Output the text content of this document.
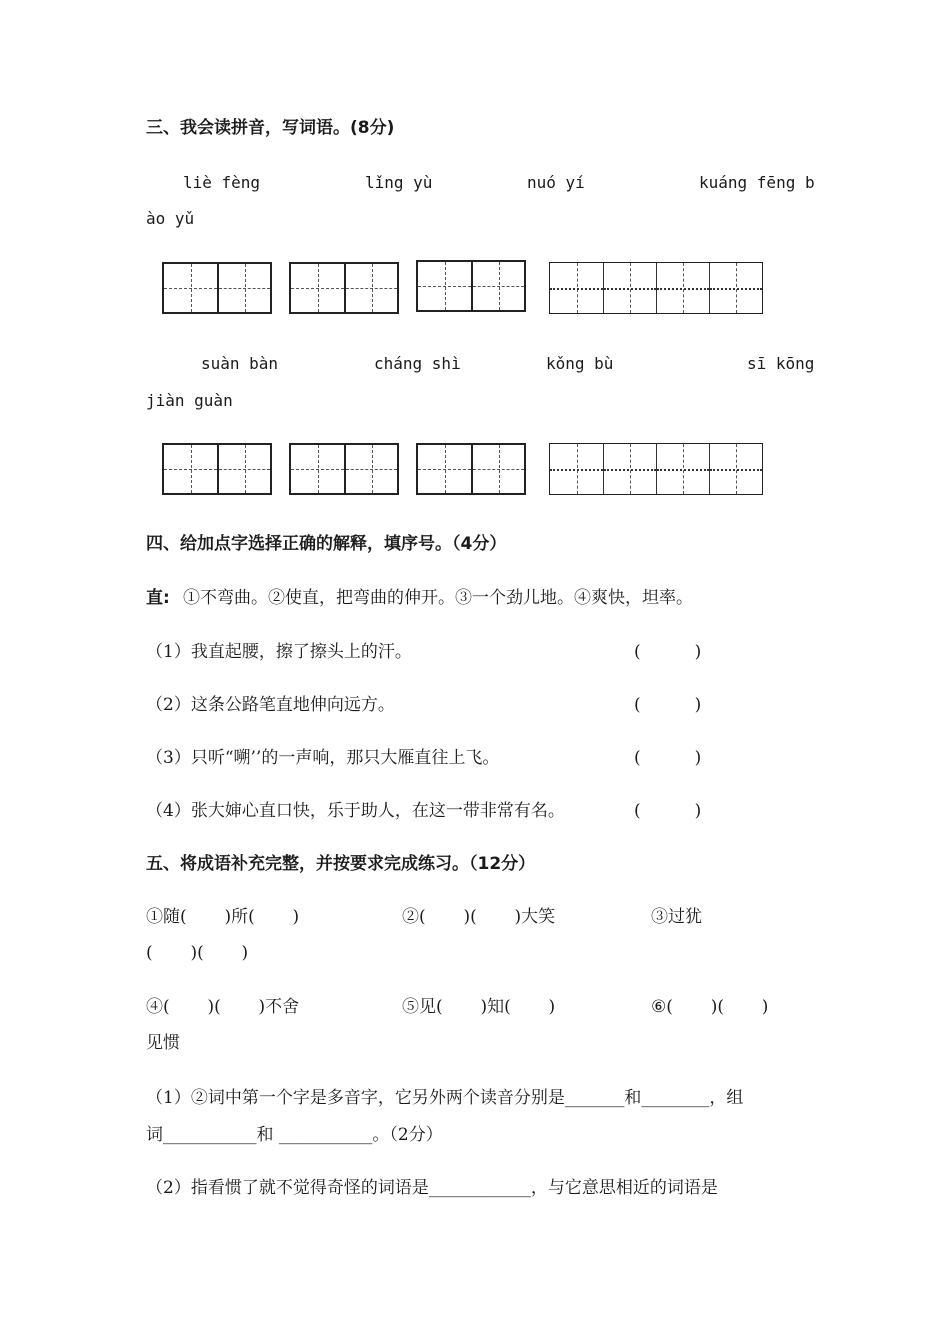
三、我会读拼音，写词语。(8分)
liè fèng	lǐng yù	nuó yí	kuáng fēng b
ào yǔ
suàn bàn	cháng shì	kǒng bù	sī kōng
jiàn guàn
四、给加点字选择正确的解释，填序号。（4分）
直: ①不弯曲。②使直，把弯曲的伸开。③一个劲儿地。④爽快，坦率。
（1）我直起腰，擦了擦头上的汗。	(          )
（2）这条公路笔直地伸向远方。	(          )
（3）只听“嗍’’的一声响，那只大雁直往上飞。	(          )
（4）张大婶心直口快，乐于助人，在这一带非常有名。	(          )
五、将成语补充完整，并按要求完成练习。（12分）
①随(       )所(       )	②(       )(       )大笑	③过犹
(       )(       )
④(       )(       )不舍	⑤见(       )知(       )	⑥(       )(       )
见惯
（1）②词中第一个字是多音字，它另外两个读音分别是_______和________，组
词___________和 ___________。（2分）
（2）指看惯了就不觉得奇怪的词语是____________，与它意思相近的词语是
